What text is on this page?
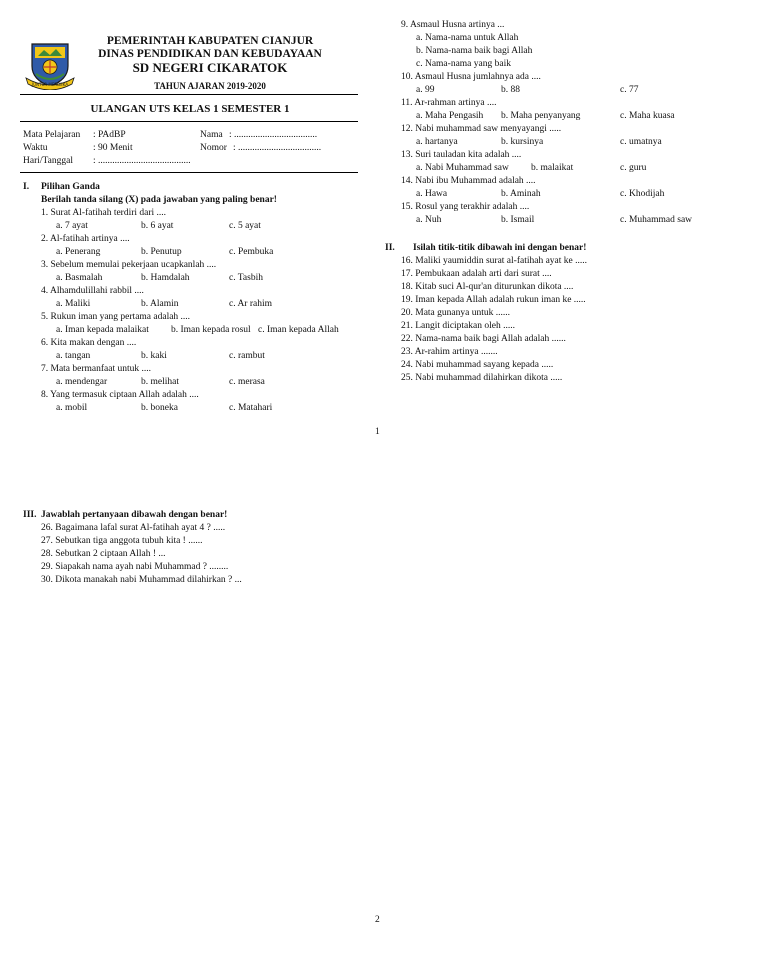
JUNTUR MERDEKA
PEMERINTAH KABUPATEN CIANJUR
DINAS PENDIDIKAN DAN KEBUDAYAAN
SD NEGERI CIKARATOK
TAHUN AJARAN 2019-2020
ULANGAN UTS KELAS 1 SEMESTER 1
Mata Pelajaran : PAdBP	Nama : ...................................
Waktu	: 90 Menit	Nomor : ...................................
Hari/Tanggal : .......................................
I. Pilihan Ganda
Berilah tanda silang (X) pada jawaban yang paling benar!
1. Surat Al-fatihah terdiri dari ....
a. 7 ayat	b. 6 ayat	c. 5 ayat
2. Al-fatihah artinya ....
a. Penerang	b. Penutup	c. Pembuka
3. Sebelum memulai pekerjaan ucapkanlah ....
a. Basmalah	b. Hamdalah	c. Tasbih
4. Alhamdulillahi rabbil ....
a. Maliki	b. Alamin	c. Ar rahim
5. Rukun iman yang pertama adalah ....
a. Iman kepada malaikat b. Iman kepada rosul c. Iman kepada Allah
6. Kita makan dengan ....
a. tangan	b. kaki	c. rambut
7. Mata bermanfaat untuk ....
a. mendengar	b. melihat	c. merasa
8. Yang termasuk ciptaan Allah adalah ....
a. mobil	b. boneka	c. Matahari
9. Asmaul Husna artinya ...
a. Nama-nama untuk Allah
b. Nama-nama baik bagi Allah
c. Nama-nama yang baik
10. Asmaul Husna jumlahnya ada ....
a. 99	b. 88	c. 77
11. Ar-rahman artinya ....
a. Maha Pengasih b. Maha penyanyang	c. Maha kuasa
12. Nabi muhammad saw menyayangi .....
a. hartanya	b. kursinya	c. umatnya
13. Suri tauladan kita adalah ....
a. Nabi Muhammad saw b. malaikat	c. guru
14. Nabi ibu Muhammad adalah ....
a. Hawa	b. Aminah	c. Khodijah
15. Rosul yang terakhir adalah ....
a. Nuh	b. Ismail	c. Muhammad saw
II. Isilah titik-titik dibawah ini dengan benar!
16. Maliki yaumiddin surat al-fatihah ayat ke .....
17. Pembukaan adalah arti dari surat ....
18. Kitab suci Al-qur'an diturunkan dikota ....
19. Iman kepada Allah adalah rukun iman ke .....
20. Mata gunanya untuk ......
21. Langit diciptakan oleh .....
22. Nama-nama baik bagi Allah adalah ......
23. Ar-rahim artinya .......
24. Nabi muhammad sayang kepada .....
25. Nabi muhammad dilahirkan dikota .....
1
III. Jawablah pertanyaan dibawah dengan benar!
26. Bagaimana lafal surat Al-fatihah ayat 4 ? .....
27. Sebutkan tiga anggota tubuh kita ! ......
28. Sebutkan 2 ciptaan Allah ! ...
29. Siapakah nama ayah nabi Muhammad ? ........
30. Dikota manakah nabi Muhammad dilahirkan ? ...
2
